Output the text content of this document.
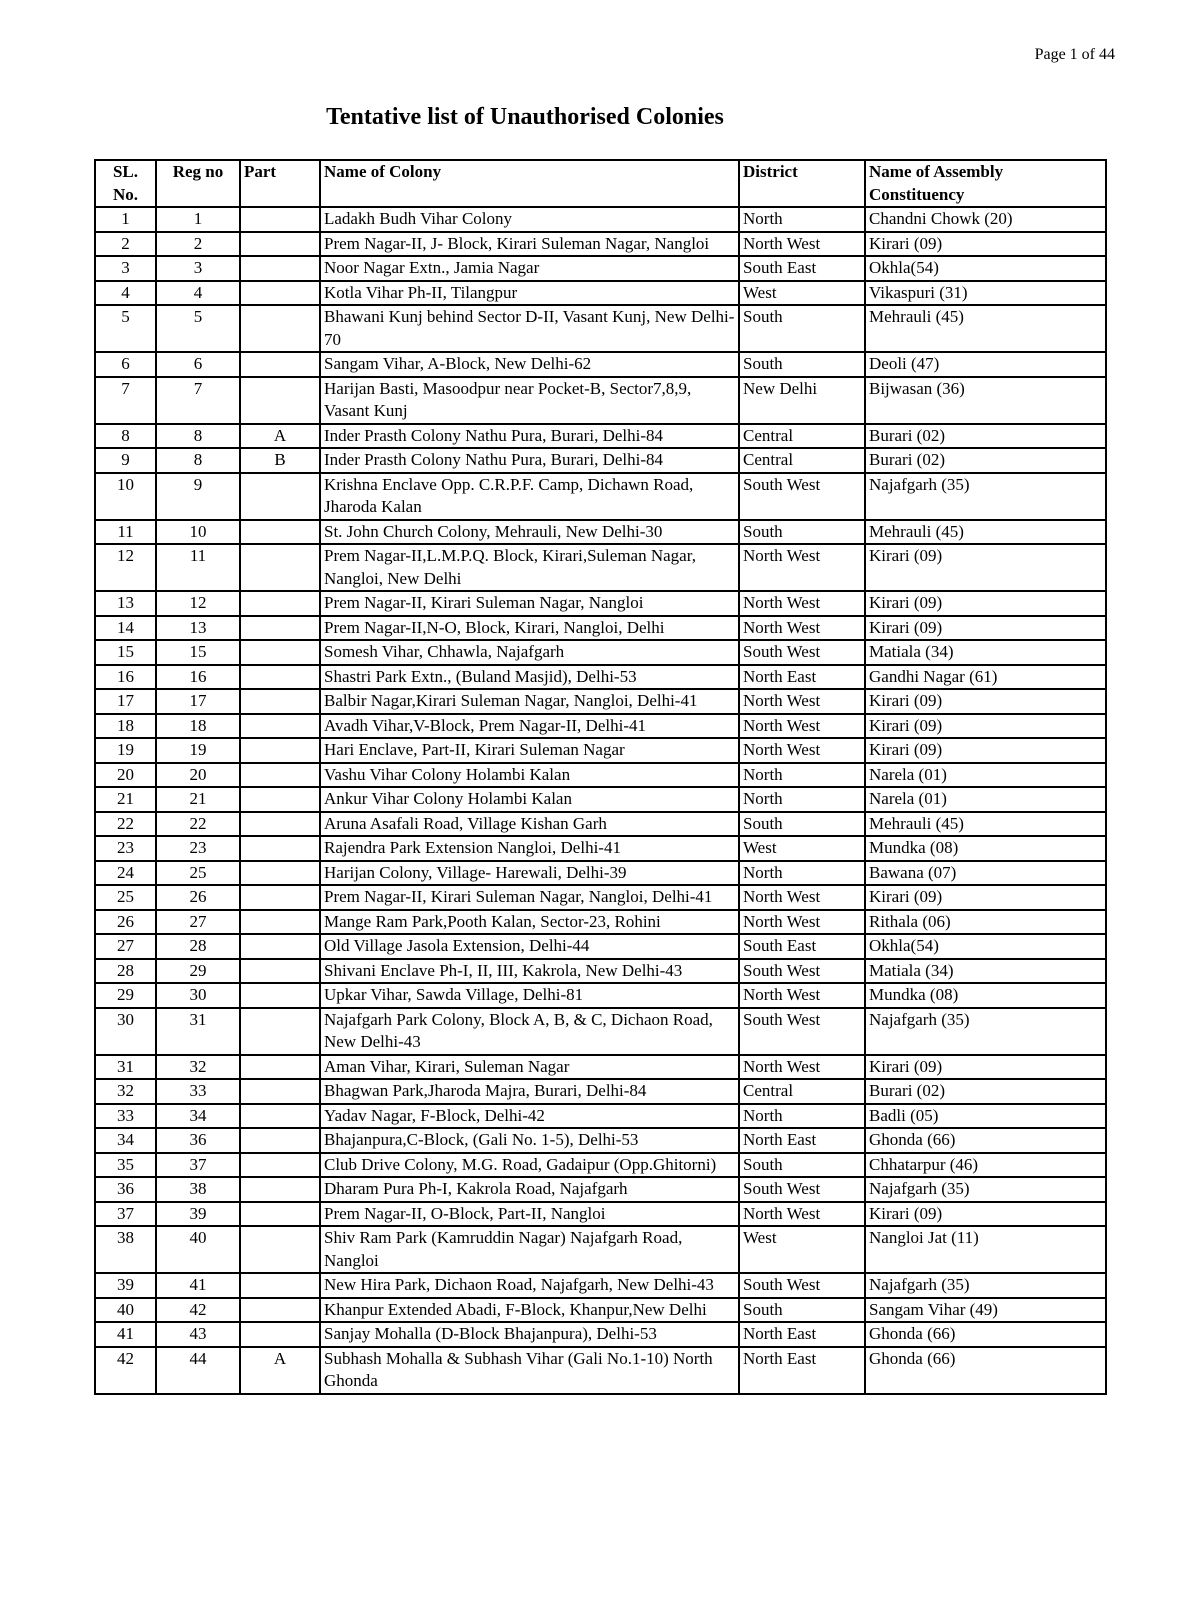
Page 1 of 44
Tentative list of Unauthorised Colonies
SL. No.	Reg no	Part	Name of Colony	District	Name of Assembly Constituency
1	1		Ladakh Budh Vihar Colony	North	Chandni Chowk (20)
2	2		Prem Nagar-II, J- Block, Kirari Suleman Nagar, Nangloi	North West	Kirari (09)
3	3		Noor Nagar Extn., Jamia Nagar	South East	Okhla(54)
4	4		Kotla Vihar Ph-II, Tilangpur	West	Vikaspuri (31)
5	5		Bhawani Kunj behind Sector D-II, Vasant Kunj, New Delhi-70	South	Mehrauli (45)
6	6		Sangam Vihar, A-Block, New Delhi-62	South	Deoli (47)
7	7		Harijan Basti, Masoodpur near Pocket-B, Sector7,8,9, Vasant Kunj	New Delhi	Bijwasan (36)
8	8	A	Inder Prasth Colony Nathu Pura, Burari, Delhi-84	Central	Burari (02)
9	8	B	Inder Prasth Colony Nathu Pura, Burari, Delhi-84	Central	Burari (02)
10	9		Krishna Enclave Opp. C.R.P.F. Camp, Dichawn Road, Jharoda Kalan	South West	Najafgarh (35)
11	10		St. John Church Colony, Mehrauli, New Delhi-30	South	Mehrauli (45)
12	11		Prem Nagar-II,L.M.P.Q. Block, Kirari,Suleman Nagar, Nangloi, New Delhi	North West	Kirari (09)
13	12		Prem Nagar-II, Kirari Suleman Nagar, Nangloi	North West	Kirari (09)
14	13		Prem Nagar-II,N-O, Block, Kirari, Nangloi, Delhi	North West	Kirari (09)
15	15		Somesh Vihar, Chhawla, Najafgarh	South West	Matiala (34)
16	16		Shastri Park Extn., (Buland Masjid), Delhi-53	North East	Gandhi Nagar (61)
17	17		Balbir Nagar,Kirari Suleman Nagar, Nangloi, Delhi-41	North West	Kirari (09)
18	18		Avadh Vihar,V-Block, Prem Nagar-II, Delhi-41	North West	Kirari (09)
19	19		Hari Enclave, Part-II, Kirari Suleman Nagar	North West	Kirari (09)
20	20		Vashu Vihar Colony Holambi Kalan	North	Narela (01)
21	21		Ankur Vihar Colony Holambi Kalan	North	Narela (01)
22	22		Aruna Asafali Road, Village Kishan Garh	South	Mehrauli (45)
23	23		Rajendra Park Extension Nangloi, Delhi-41	West	Mundka (08)
24	25		Harijan Colony, Village- Harewali, Delhi-39	North	Bawana (07)
25	26		Prem Nagar-II, Kirari Suleman Nagar, Nangloi, Delhi-41	North West	Kirari (09)
26	27		Mange Ram Park,Pooth Kalan, Sector-23, Rohini	North West	Rithala (06)
27	28		Old Village Jasola Extension, Delhi-44	South East	Okhla(54)
28	29		Shivani Enclave Ph-I, II, III, Kakrola, New Delhi-43	South West	Matiala (34)
29	30		Upkar Vihar, Sawda Village, Delhi-81	North West	Mundka (08)
30	31		Najafgarh Park Colony, Block A, B, & C, Dichaon Road, New Delhi-43	South West	Najafgarh (35)
31	32		Aman Vihar, Kirari, Suleman Nagar	North West	Kirari (09)
32	33		Bhagwan Park,Jharoda Majra, Burari, Delhi-84	Central	Burari (02)
33	34		Yadav Nagar, F-Block, Delhi-42	North	Badli (05)
34	36		Bhajanpura,C-Block, (Gali No. 1-5), Delhi-53	North East	Ghonda (66)
35	37		Club Drive Colony, M.G. Road, Gadaipur (Opp.Ghitorni)	South	Chhatarpur (46)
36	38		Dharam Pura Ph-I, Kakrola Road, Najafgarh	South West	Najafgarh (35)
37	39		Prem Nagar-II, O-Block, Part-II, Nangloi	North West	Kirari (09)
38	40		Shiv Ram Park (Kamruddin Nagar) Najafgarh Road, Nangloi	West	Nangloi Jat (11)
39	41		New Hira Park, Dichaon Road, Najafgarh, New Delhi-43	South West	Najafgarh (35)
40	42		Khanpur Extended Abadi, F-Block, Khanpur,New Delhi	South	Sangam Vihar (49)
41	43		Sanjay Mohalla (D-Block Bhajanpura), Delhi-53	North East	Ghonda (66)
42	44	A	Subhash Mohalla & Subhash Vihar (Gali No.1-10) North Ghonda	North East	Ghonda (66)
